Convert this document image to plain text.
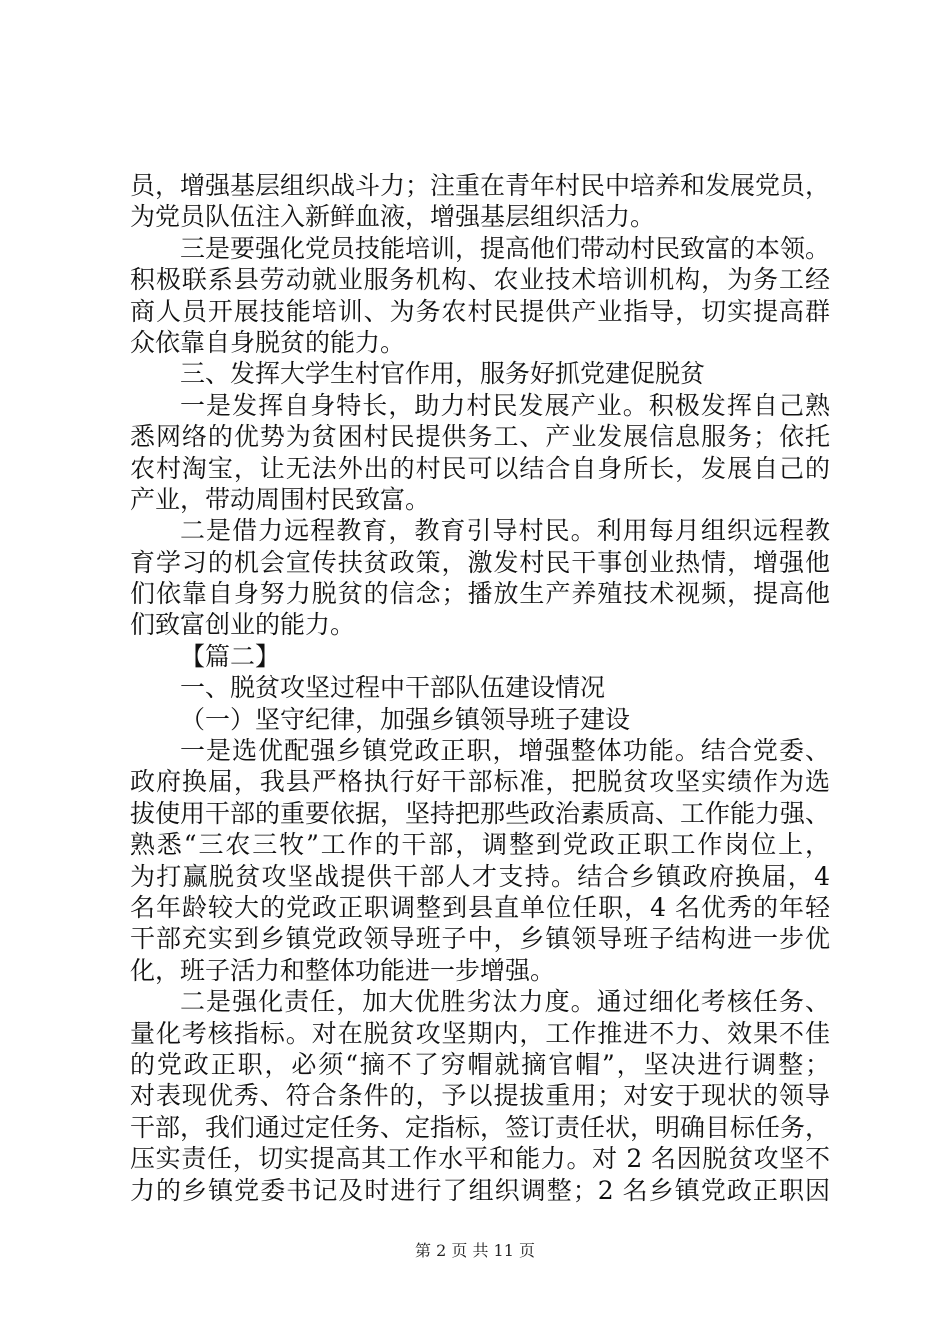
员，增强基层组织战斗力；注重在青年村民中培养和发展党员，
为党员队伍注入新鲜血液，增强基层组织活力。
三是要强化党员技能培训，提高他们带动村民致富的本领。
积极联系县劳动就业服务机构、农业技术培训机构，为务工经
商人员开展技能培训、为务农村民提供产业指导，切实提高群
众依靠自身脱贫的能力。
三、发挥大学生村官作用，服务好抓党建促脱贫
一是发挥自身特长，助力村民发展产业。积极发挥自己熟
悉网络的优势为贫困村民提供务工、产业发展信息服务；依托
农村淘宝，让无法外出的村民可以结合自身所长，发展自己的
产业，带动周围村民致富。
二是借力远程教育，教育引导村民。利用每月组织远程教
育学习的机会宣传扶贫政策，激发村民干事创业热情，增强他
们依靠自身努力脱贫的信念；播放生产养殖技术视频，提高他
们致富创业的能力。
【篇二】
一、脱贫攻坚过程中干部队伍建设情况
（一）坚守纪律，加强乡镇领导班子建设
一是选优配强乡镇党政正职，增强整体功能。结合党委、
政府换届，我县严格执行好干部标准，把脱贫攻坚实绩作为选
拔使用干部的重要依据，坚持把那些政治素质高、工作能力强、
熟悉“三农三牧”工作的干部，调整到党政正职工作岗位上，
为打赢脱贫攻坚战提供干部人才支持。结合乡镇政府换届，4
名年龄较大的党政正职调整到县直单位任职，4 名优秀的年轻
干部充实到乡镇党政领导班子中，乡镇领导班子结构进一步优
化，班子活力和整体功能进一步增强。
二是强化责任，加大优胜劣汰力度。通过细化考核任务、
量化考核指标。对在脱贫攻坚期内，工作推进不力、效果不佳
的党政正职，必须“摘不了穷帽就摘官帽”，坚决进行调整；
对表现优秀、符合条件的，予以提拔重用；对安于现状的领导
干部，我们通过定任务、定指标，签订责任状，明确目标任务，
压实责任，切实提高其工作水平和能力。对 2 名因脱贫攻坚不
力的乡镇党委书记及时进行了组织调整；2 名乡镇党政正职因
第 2 页 共 11 页
